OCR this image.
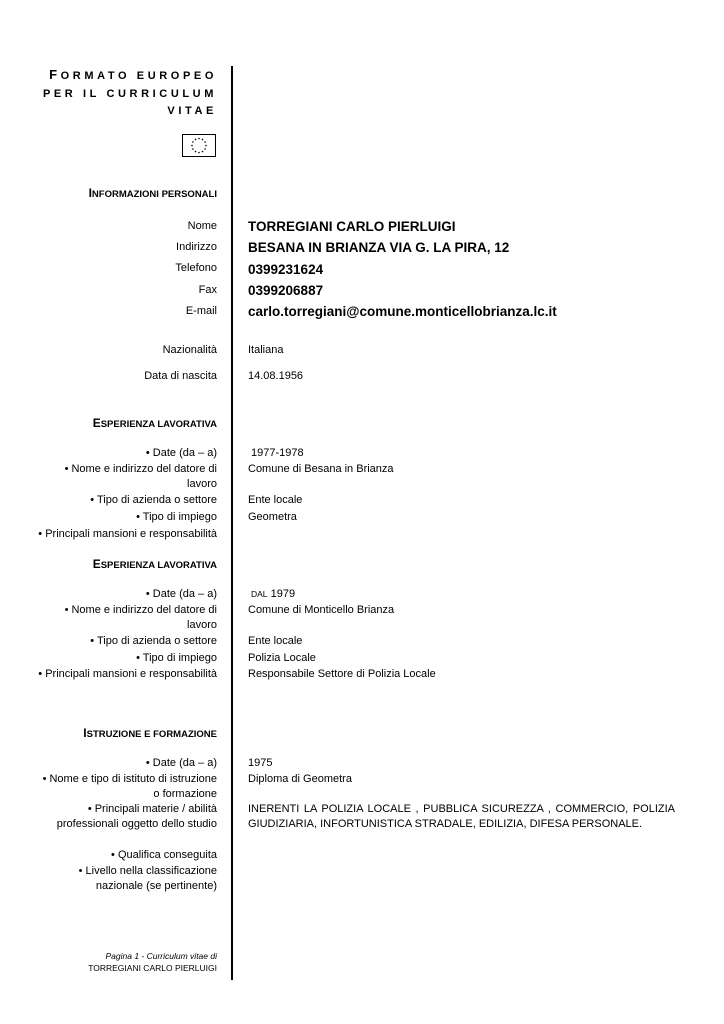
FORMATO EUROPEO
PER IL CURRICULUM
VITAE
INFORMAZIONI PERSONALI
Nome TORREGIANI CARLO PIERLUIGI
Indirizzo BESANA IN BRIANZA VIA G. LA PIRA, 12
Telefono 0399231624
Fax 0399206887
E-mail carlo.torregiani@comune.monticellobrianza.lc.it
Nazionalità	Italiana
Data di nascita	14.08.1956
ESPERIENZA LAVORATIVA
• Date (da – a)	1977-1978
• Nome e indirizzo del datore di
lavoro
Comune di Besana in Brianza
• Tipo di azienda o settore	Ente locale
• Tipo di impiego	Geometra
• Principali mansioni e responsabilità
ESPERIENZA LAVORATIVA
• Date (da – a)	DAL 1979
• Nome e indirizzo del datore di
lavoro
Comune di Monticello Brianza
• Tipo di azienda o settore	Ente locale
• Tipo di impiego	Polizia Locale
• Principali mansioni e responsabilità	Responsabile Settore di Polizia Locale
ISTRUZIONE E FORMAZIONE
• Date (da – a)	1975
• Nome e tipo di istituto di istruzione
o formazione
Diploma di Geometra
• Principali materie / abilità
professionali oggetto dello studio
INERENTI LA POLIZIA LOCALE , PUBBLICA SICUREZZA , COMMERCIO, POLIZIA GIUDIZIARIA, INFORTUNISTICA STRADALE, EDILIZIA, DIFESA PERSONALE.
• Qualifica conseguita
• Livello nella classificazione
nazionale (se pertinente)
Pagina 1 - Curriculum vitae di
TORREGIANI CARLO PIERLUIGI
